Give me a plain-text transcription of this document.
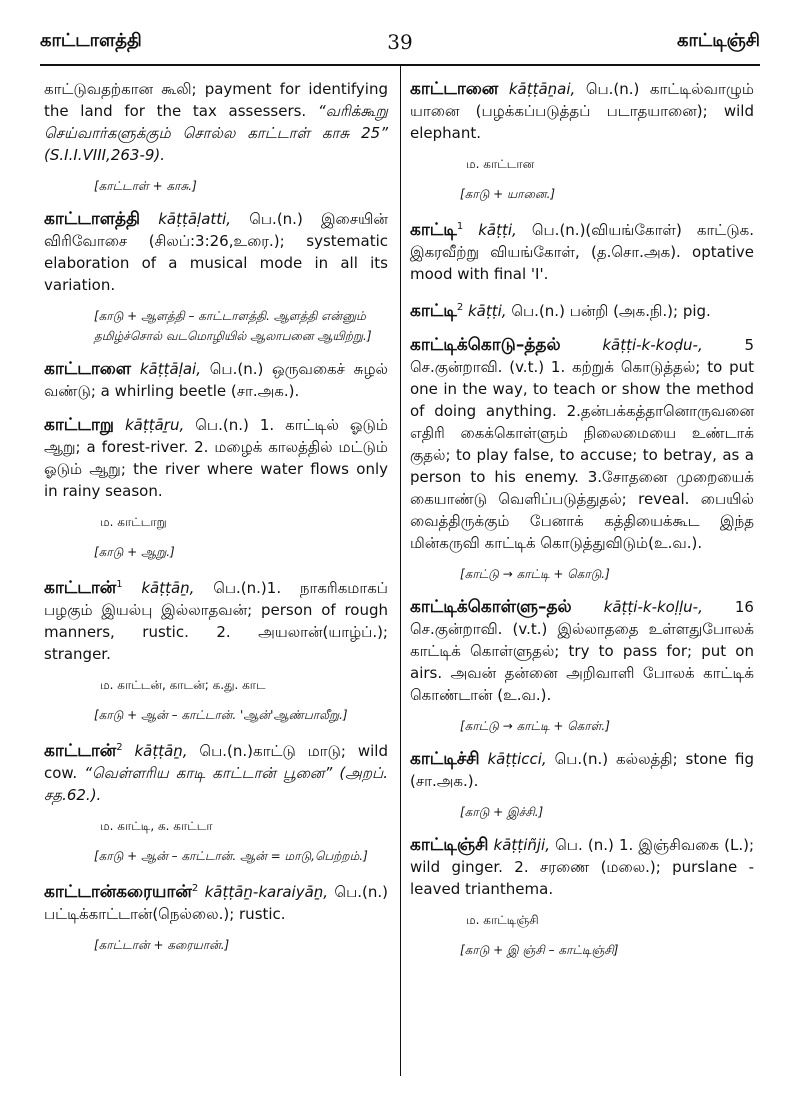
காட்டாளத்தி	39	காட்டிஞ்சி

காட்டுவதற்கான கூலி; payment for identifying the land for the tax assessers. “வரிக்கூறு செய்வார்களுக்கும் சொல்ல காட்டாள் காசு 25” (S.I.I.VIII,263-9).

[காட்டாள் + காசு.]

காட்டாளத்தி kāṭṭāḷatti, பெ.(n.) இசையின் விரிவோசை (சிலப்:3:26,உரை.); systematic elaboration of a musical mode in all its variation.

[காடு + ஆளத்தி – காட்டாளத்தி. ஆளத்தி என்னும் தமிழ்ச்சொல் வடமொழியில் ஆலாபனை ஆயிற்று.]

காட்டாளை kāṭṭāḷai, பெ.(n.) ஒருவகைச் சுழல் வண்டு; a whirling beetle (சா.அக.).

காட்டாறு kāṭṭāṟu, பெ.(n.) 1. காட்டில் ஓடும் ஆறு; a forest-river. 2. மழைக் காலத்தில் மட்டும் ஓடும் ஆறு; the river where water flows only in rainy season.

ம. காட்டாறு

[காடு + ஆறு.]

காட்டான்$^1$ kāṭṭāṉ, பெ.(n.)1. நாகரிகமாகப் பழகும் இயல்பு இல்லாதவன்; person of rough manners, rustic. 2. அயலான்(யாழ்ப்.); stranger.

ம. காட்டன், காடன்; க.து. காட

[காடு + ஆன் – காட்டான். 'ஆன்'ஆண்பாலீறு.]

காட்டான்$^2$ kāṭṭāṉ, பெ.(n.)காட்டு மாடு; wild cow. “வெள்ளரிய காடி காட்டான் பூனை” (அறப். சத.62.).

ம. காட்டி, க. காட்டா

[காடு + ஆன் – காட்டான். ஆன் = மாடு,பெற்றம்.]

காட்டான்கரையான்$^2$ kāṭṭāṉ-karaiyāṉ, பெ.(n.) பட்டிக்காட்டான்(நெல்லை.); rustic.

[காட்டான் + கரையான்.]

காட்டானை kāṭṭāṉai, பெ.(n.) காட்டில்வாழும் யானை (பழக்கப்படுத்தப் படாதயானை); wild elephant.

ம. காட்டான

[காடு + யானை.]

காட்டி$^1$ kāṭṭi, பெ.(n.)(வியங்கோள்) காட்டுக. இகரவீற்று வியங்கோள், (த.சொ.அக). optative mood with final 'I'.

காட்டி$^2$ kāṭṭi, பெ.(n.) பன்றி (அக.நி.); pig.

காட்டிக்கொடு–த்தல்	kāṭṭi-k-koḍu-,	5 செ.குன்றாவி. (v.t.) 1. கற்றுக் கொடுத்தல்; to put one in the way, to teach or show the method of doing anything. 2.தன்பக்கத்தானொருவனை எதிரி கைக்கொள்ளும் நிலைமையை உண்டாக் குதல்; to play false, to accuse; to betray, as a person to his enemy. 3.சோதனை முறையைக் கையாண்டு வெளிப்படுத்துதல்; reveal. பையில் வைத்திருக்கும் பேனாக் கத்தியைக்கூட இந்த மின்கருவி காட்டிக் கொடுத்துவிடும்(உ.வ.).

[காட்டு → காட்டி + கொடு.]

காட்டிக்கொள்ளு–தல் kāṭṭi-k-koḷḷu-, 16 செ.குன்றாவி. (v.t.) இல்லாததை உள்ளதுபோலக் காட்டிக் கொள்ளுதல்; try to pass for; put on airs. அவன் தன்னை அறிவாளி போலக் காட்டிக் கொண்டான் (உ.வ.).

[காட்டு → காட்டி + கொள்.]

காட்டிச்சி kāṭṭicci, பெ.(n.) கல்லத்தி; stone fig (சா.அக.).

[காடு + இச்சி.]

காட்டிஞ்சி kāṭṭiñji, பெ. (n.) 1. இஞ்சிவகை (L.); wild ginger. 2. சரணை (மலை.); purslane - leaved trianthema.

ம. காட்டிஞ்சி

[காடு + இ ஞ்சி – காட்டிஞ்சி]
